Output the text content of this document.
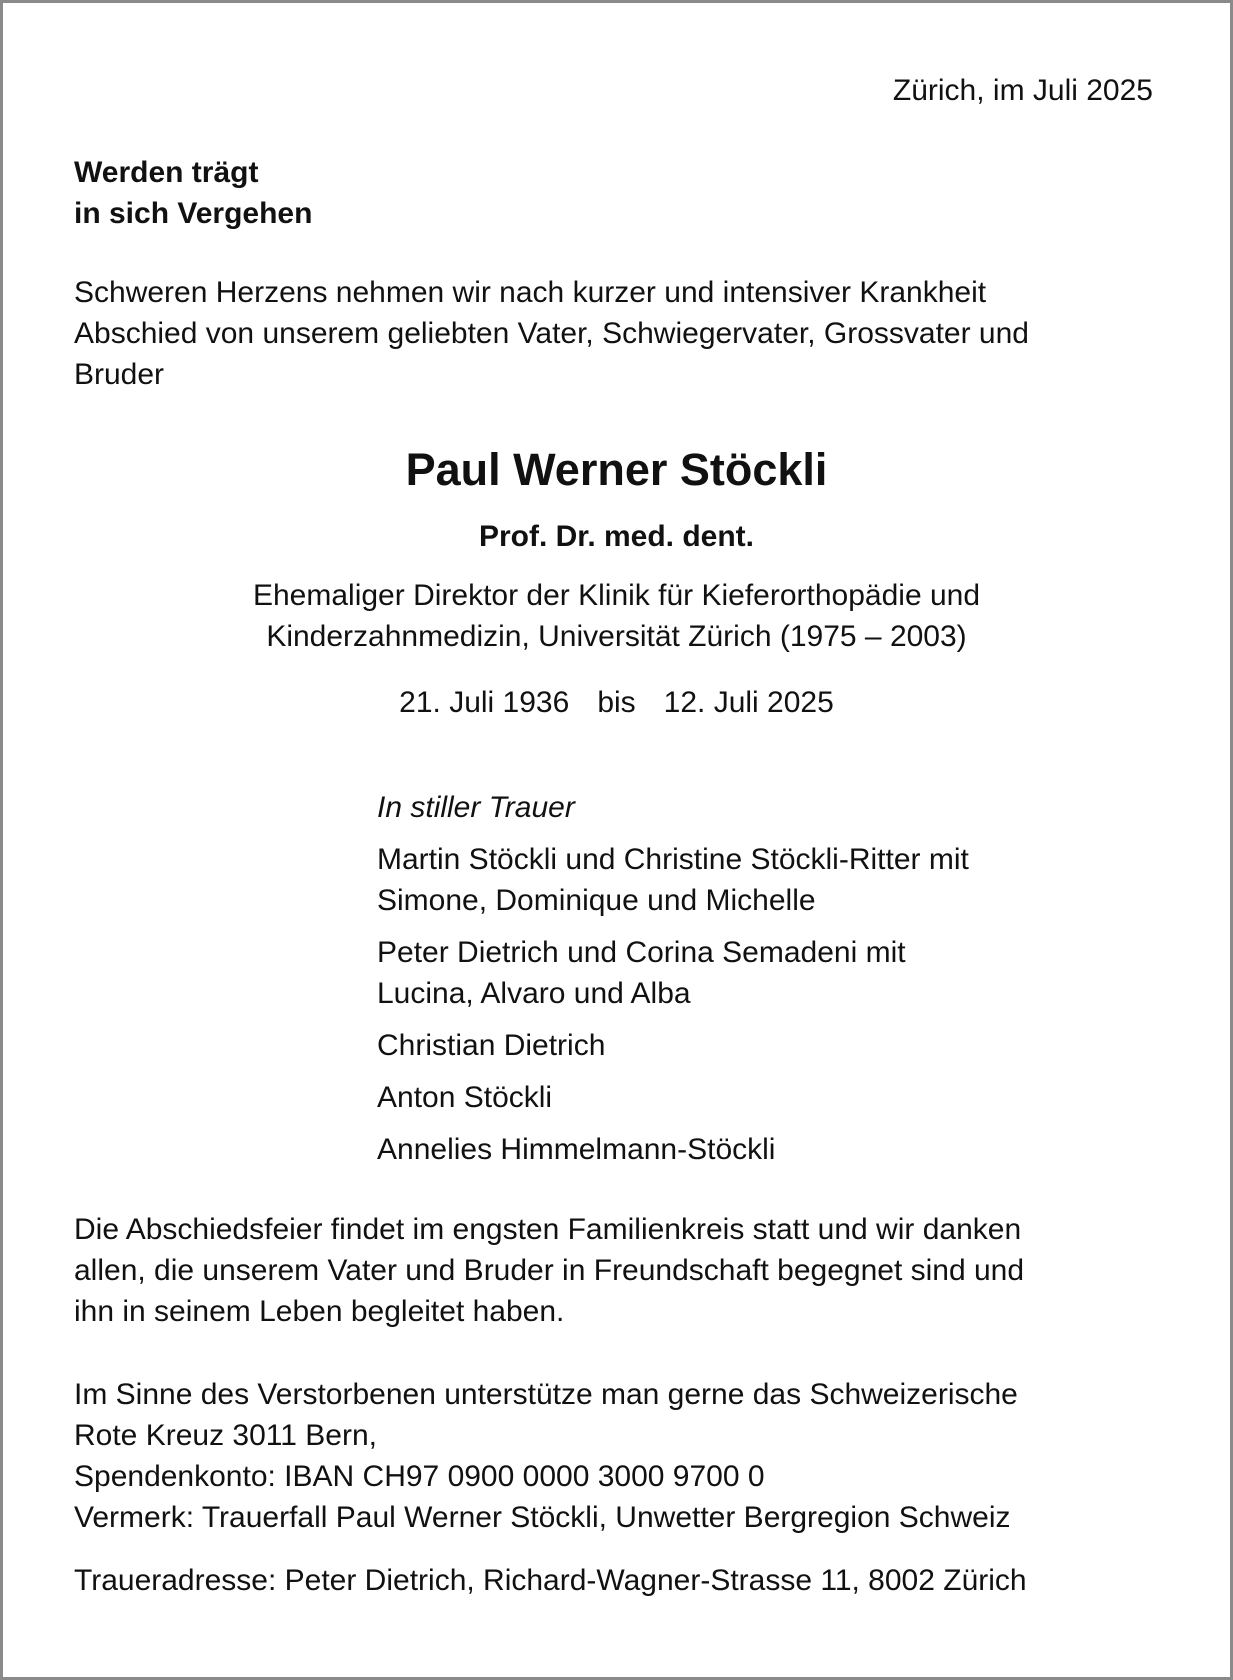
Zürich, im Juli 2025

Werden trägt
in sich Vergehen

Schweren Herzens nehmen wir nach kurzer und intensiver Krankheit
Abschied von unserem geliebten Vater, Schwiegervater, Grossvater und
Bruder

Paul Werner Stöckli

Prof. Dr. med. dent.

Ehemaliger Direktor der Klinik für Kieferorthopädie und
Kinderzahnmedizin, Universität Zürich (1975 – 2003)

21. Juli 1936 bis 12. Juli 2025

In stiller Trauer

Martin Stöckli und Christine Stöckli-Ritter mit
Simone, Dominique und Michelle

Peter Dietrich und Corina Semadeni mit
Lucina, Alvaro und Alba

Christian Dietrich

Anton Stöckli

Annelies Himmelmann-Stöckli

Die Abschiedsfeier findet im engsten Familienkreis statt und wir danken
allen, die unserem Vater und Bruder in Freundschaft begegnet sind und
ihn in seinem Leben begleitet haben.

Im Sinne des Verstorbenen unterstütze man gerne das Schweizerische
Rote Kreuz 3011 Bern,
Spendenkonto: IBAN CH97 0900 0000 3000 9700 0
Vermerk: Trauerfall Paul Werner Stöckli, Unwetter Bergregion Schweiz

Traueradresse: Peter Dietrich, Richard-Wagner-Strasse 11, 8002 Zürich
